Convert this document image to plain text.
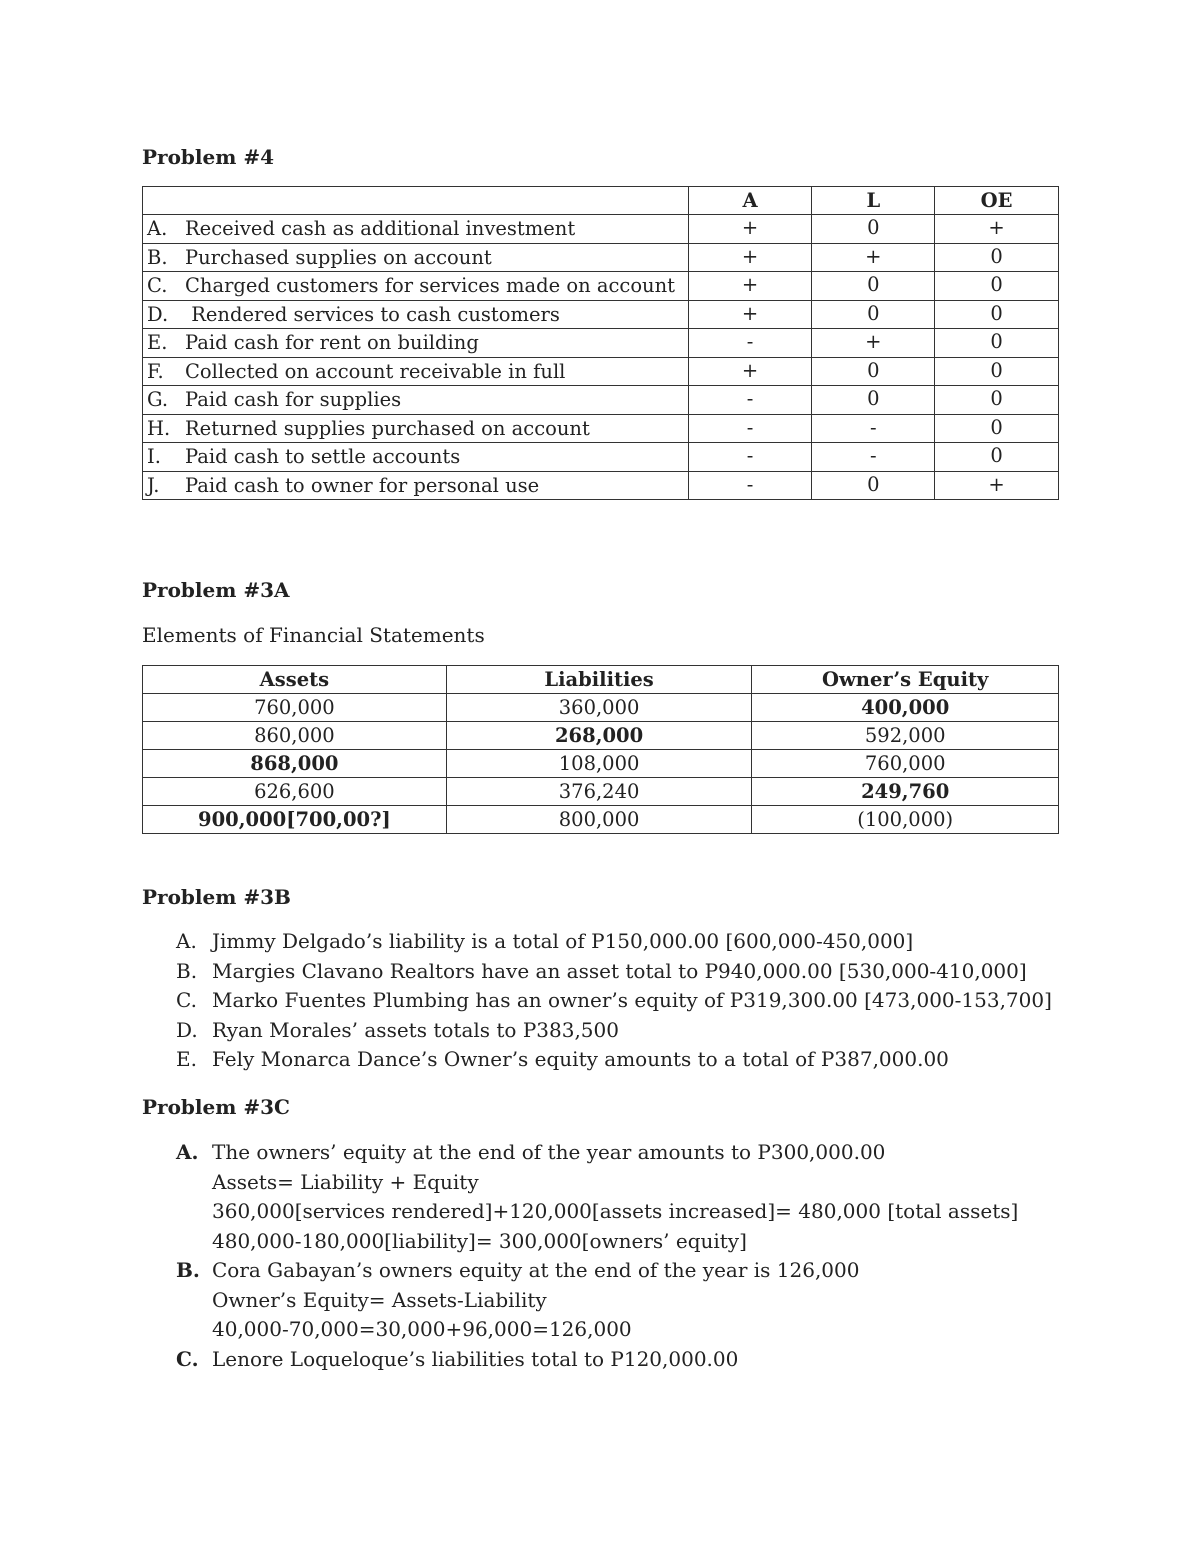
Problem #4
	A	L	OE
A. Received cash as additional investment	+	0	+
B. Purchased supplies on account	+	+	0
C. Charged customers for services made on account	+	0	0
D. Rendered services to cash customers	+	0	0
E. Paid cash for rent on building	-	+	0
F. Collected on account receivable in full	+	0	0
G. Paid cash for supplies	-	0	0
H. Returned supplies purchased on account	-	-	0
I. Paid cash to settle accounts	-	-	0
J. Paid cash to owner for personal use	-	0	+
Problem #3A
Elements of Financial Statements
Assets	Liabilities	Owner’s Equity
760,000	360,000	400,000
860,000	268,000	592,000
868,000	108,000	760,000
626,600	376,240	249,760
900,000[700,00?]	800,000	(100,000)
Problem #3B
A. Jimmy Delgado’s liability is a total of P150,000.00 [600,000-450,000]
B. Margies Clavano Realtors have an asset total to P940,000.00 [530,000-410,000]
C. Marko Fuentes Plumbing has an owner’s equity of P319,300.00 [473,000-153,700]
D. Ryan Morales’ assets totals to P383,500
E. Fely Monarca Dance’s Owner’s equity amounts to a total of P387,000.00
Problem #3C
A. The owners’ equity at the end of the year amounts to P300,000.00
Assets= Liability + Equity
360,000[services rendered]+120,000[assets increased]= 480,000 [total assets]
480,000-180,000[liability]= 300,000[owners’ equity]
B. Cora Gabayan’s owners equity at the end of the year is 126,000
Owner’s Equity= Assets-Liability
40,000-70,000=30,000+96,000=126,000
C. Lenore Loqueloque’s liabilities total to P120,000.00
